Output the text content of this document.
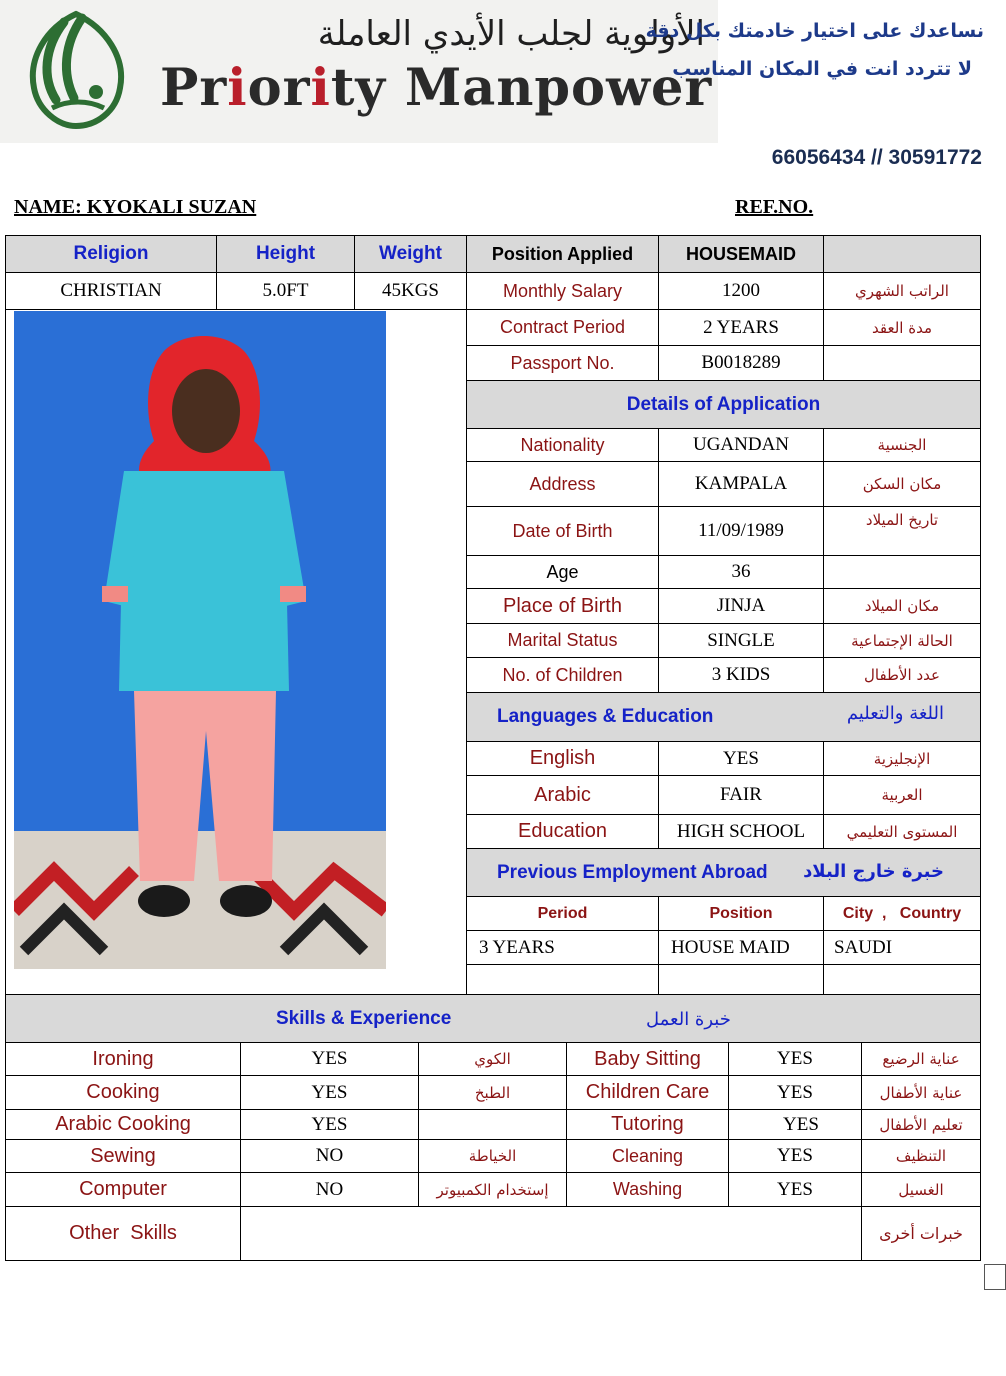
الأولوية لجلب الأيدي العاملة
Priority Manpower
نساعدك على اختيار خادمتك بكل دقة
لا تتردد انت في المكان المناسب
66056434 // 30591772
NAME: KYOKALI SUZAN	REF.NO.
Religion	Height	Weight	Position Applied	HOUSEMAID
CHRISTIAN	5.0FT	45KGS	Monthly Salary	1200	الراتب الشهري
Contract Period	2 YEARS	مدة العقد
Passport No.	B0018289
Details of Application
Nationality	UGANDAN	الجنسية
Address	KAMPALA	مكان السكن
Date of Birth	11/09/1989	تاريخ الميلاد
Age	36
Place of Birth	JINJA	مكان الميلاد
Marital Status	SINGLE	الحالة الإجتماعية
No. of Children	3 KIDS	عدد الأطفال
Languages & Education	اللغة والتعليم
English	YES	الإنجليزية
Arabic	FAIR	العربية
Education	HIGH SCHOOL	المستوى التعليمي
Previous Employment Abroad خبرة خارج البلاد
Period	Position	City  ,   Country
3 YEARS	HOUSE MAID	SAUDI
Skills & Experience	خبرة العمل
Ironing	YES	الكوي	Baby Sitting	YES	عناية الرضيع
Cooking	YES	الطبخ	Children Care	YES	عناية الأطفال
Arabic Cooking	YES	Tutoring	YES	تعليم الأطفال
Sewing	NO	الخياطة	Cleaning	YES	التنظيف
Computer	NO	إستخدام الكمبيوتر	Washing	YES	الغسيل
Other  Skills	خبرات أخرى
